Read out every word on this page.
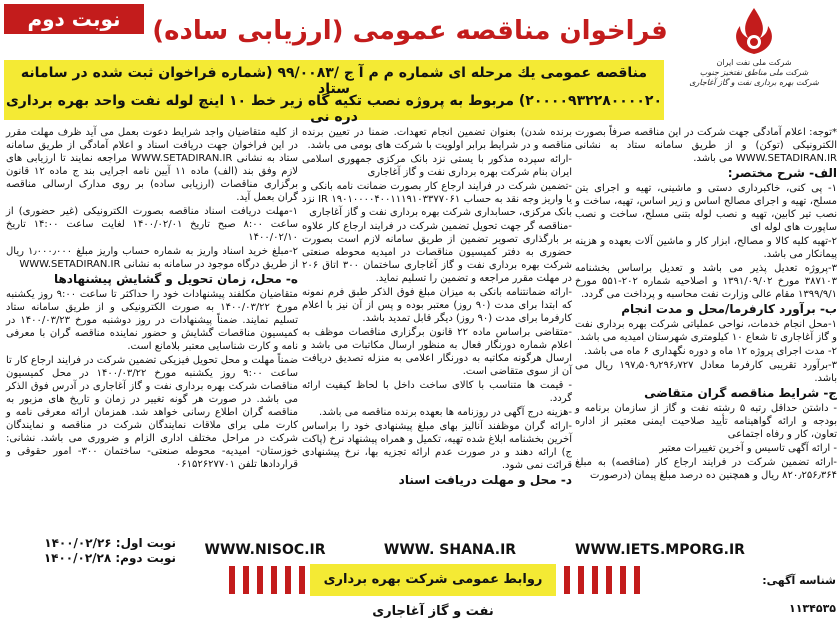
نوبت دوم	فراخوان مناقصه عمومی (ارزیابی ساده)
شرکت ملی نفت ایران
شرکت ملی مناطق نفتخیز جنوب
شرکت بهره برداری نفت و گاز آغاجاری
مناقصه عمومی یك مرحله ای شماره م م آ ج /۹۹/۰۰۸۳ (شماره فراخوان ثبت شده در سامانه ستاد
۲۰۰۰۰۹۳۲۲۸۰۰۰۰۲۰) مربوط به پروژه نصب تکیه گاه زیر خط ۱۰ اینچ لوله نفت واحد بهره برداری دره نی

*توجه: اعلام آمادگی جهت شرکت در این مناقصه صرفاً بصورت الکترونیکی (توکن) و از طریق سامانه ستاد به نشانی WWW.SETADIRAN.IR می باشد.

الف- شرح مختصر:

۱- پی کنی، خاکبرداری دستی و ماشینی، تهیه و اجرای بتن مسلح، تهیه و اجرای مصالح اساس و زیر اساس، تهیه، ساخت و نصب تیر کابین، تهیه و نصب لوله بتنی مسلح، ساخت و نصب ساپورت های لوله ای

۲-تهیه کلیه کالا و مصالح، ابزار کار و ماشین آلات بعهده و هزینه پیمانکار می باشد.

۳-پروژه تعدیل پذیر می باشد و تعدیل براساس بخشنامه ۳۸۷۱۰۳ مورخ ۱۳۹۱/۰۹/۰۲ و اصلاحیه شماره ۲۰۲-۵۵۱ مورخ ۱۳۹۹/۹/۱ مقام عالی وزارت نفت محاسبه و پرداخت می گردد.

ب- برآورد کارفرما/محل و مدت انجام

۱-محل انجام خدمات، نواحی عملیاتی شرکت بهره برداری نفت و گاز آغاجاری تا شعاع ۱۰ کیلومتری شهرستان امیدیه می باشد.

۲- مدت اجرای پروژه ۱۲ ماه و دوره نگهداری ۶ ماه می باشد.

۳-برآورد تقریبی کارفرما معادل ۱۹۷٫۵۰۹٫۲۹۶٫۷۲۷ ریال می باشد.

ج- شرایط مناقصه گران متقاضی

- داشتن حداقل رتبه ۵ رشته نفت و گاز از سازمان برنامه و بودجه و ارائه گواهینامه تأیید صلاحیت ایمنی معتبر از اداره تعاون، کار و رفاه اجتماعی

- ارائه آگهی تاسیس و آخرین تغییرات معتبر

-ارائه تضمین شرکت در فرایند ارجاع کار (مناقصه) به مبلغ ۸۲۰٫۲۵۶٫۳۶۴ ریال و همچنین ده درصد مبلغ پیمان (درصورت

برنده شدن) بعنوان تضمین انجام تعهدات. ضمنا در تعیین برنده مناقصه و در شرایط برابر اولویت با شرکت های بومی می باشد.

-ارائه سپرده مذکور با یستی نزد بانک مرکزی جمهوری اسلامی ایران بنام شرکت بهره برداری نفت و گاز آغاجاری

-تضمین شرکت در فرایند ارجاع کار بصورت ضمانت نامه بانکی و یا واریز وجه نقد به حساب ۱۹۰۱۰۰۰۰۴۰۰۱۱۱۹۱۰۳۳۷۷۰۶۱ IR نزد بانک مرکزی، حسابداری شرکت بهره برداری نفت و گاز آغاجاری

-مناقصه گر جهت تحویل تضمین شرکت در فرایند ارجاع کار علاوه بر بارگذاری تصویر تضمین از طریق سامانه لازم است بصورت حضوری به دفتر کمیسیون مناقصات در امیدیه محوطه صنعتی شرکت بهره برداری نفت و گاز آغاجاری ساختمان ۳۰۰ اتاق ۲۰۶ در مهلت مقرر مراجعه و تضمین را تسلیم نماید.

-ارائه ضمانتنامه بانکی به میزان مبلغ فوق الذکر طبق فرم نمونه که ابتدا برای مدت (۹۰ روز) معتبر بوده و پس از آن نیز با اعلام کارفرما برای مدت (۹۰ روز) دیگر قابل تمدید باشد.

-متقاضی براساس ماده ۲۲ قانون برگزاری مناقصات موظف به اعلام شماره دورنگار فعال به منظور ارسال مکاتبات می باشد و ارسال هرگونه مکاتبه به دورنگار اعلامی به منزله تصدیق دریافت آن از سوی متقاضی است.

- قیمت ها متناسب با کالای ساخت داخل با لحاظ کیفیت ارائه گردد.

-هزینه درج آگهی در روزنامه ها بعهده برنده مناقصه می باشد.

-ارائه گران موظفند آنالیز بهای مبلغ پیشنهادی خود را براساس آخرین بخشنامه ابلاغ شده تهیه، تکمیل و همراه پیشنهاد نرخ (پاکت ج) ارائه دهند و در صورت عدم ارائه تجزیه بها، نرخ پیشنهادی قرائت نمی شود.

د- محل و مهلت دریافت اسناد

از کلیه متقاضیان واجد شرایط دعوت بعمل می آید ظرف مهلت مقرر در این فراخوان جهت دریافت اسناد و اعلام آمادگی از طریق سامانه ستاد به نشانی WWW.SETADIRAN.IR مراجعه نمایند تا ارزیابی های لازم وفق بند (الف) ماده ۱۱ آیین نامه اجرایی بند ج ماده ۱۲ قانون برگزاری مناقصات (ارزیابی ساده) بر روی مدارک ارسالی مناقصه گران بعمل آید.

۱-مهلت دریافت اسناد مناقصه بصورت الکترونیکی (غیر حضوری) از ساعت ۸:۰۰ صبح تاریخ ۱۴۰۰/۰۲/۰۱ لغایت ساعت ۱۴:۰۰ تاریخ ۱۴۰۰/۰۲/۱۰

۲-مبلغ خرید اسناد واریز به شماره حساب واریز مبلغ ۱٫۰۰۰٫۰۰۰ ریال از طریق درگاه موجود در سامانه به نشانی WWW.SETADIRAN.IR

ه- محل، زمان تحویل و گشایش پیشنهادها

متقاضیان مکلفند پیشنهادات خود را حداکثر تا ساعت ۹:۰۰ روز یکشنبه مورخ ۱۴۰۰/۰۳/۲۲ به صورت الکترونیکی و از طریق سامانه ستاد تسلیم نمایند. ضمناً پیشنهادات در روز دوشنبه مورخ ۱۴۰۰/۰۳/۲۳ در کمیسیون مناقصات گشایش و حضور نماینده مناقصه گران با معرفی نامه و کارت شناسایی معتبر بلامانع است.

ضمناً مهلت و محل تحویل فیزیکی تضمین شرکت در فرایند ارجاع کار تا ساعت ۹:۰۰ روز یکشنبه مورخ ۱۴۰۰/۰۳/۲۲ در محل کمیسیون مناقصات شرکت بهره برداری نفت و گاز آغاجاری در آدرس فوق الذکر می باشد. در صورت هر گونه تغییر در زمان و تاریخ های مزبور به مناقصه گران اطلاع رسانی خواهد شد. همزمان ارائه معرفی نامه و کارت ملی برای ملاقات نمایندگان شرکت در مناقصه و نمایندگان شرکت در مراحل مختلف اداری الزام و ضروری می باشد. نشانی: خوزستان- امیدیه- محوطه صنعتی- ساختمان ۳۰۰- امور حقوقی و قراردادها تلفن ۰۶۱۵۲۶۲۷۷۰۱

WWW.IETS.MPORG.IR
WWW. SHANA.IR
WWW.NISOC.IR
نوبت اول: ۱۴۰۰/۰۲/۲۶
نوبت دوم: ۱۴۰۰/۰۲/۲۸
روابط عمومی شرکت بهره برداری نفت و گاز آغاجاری
شناسه آگهی: ۱۱۳۴۵۳۵
